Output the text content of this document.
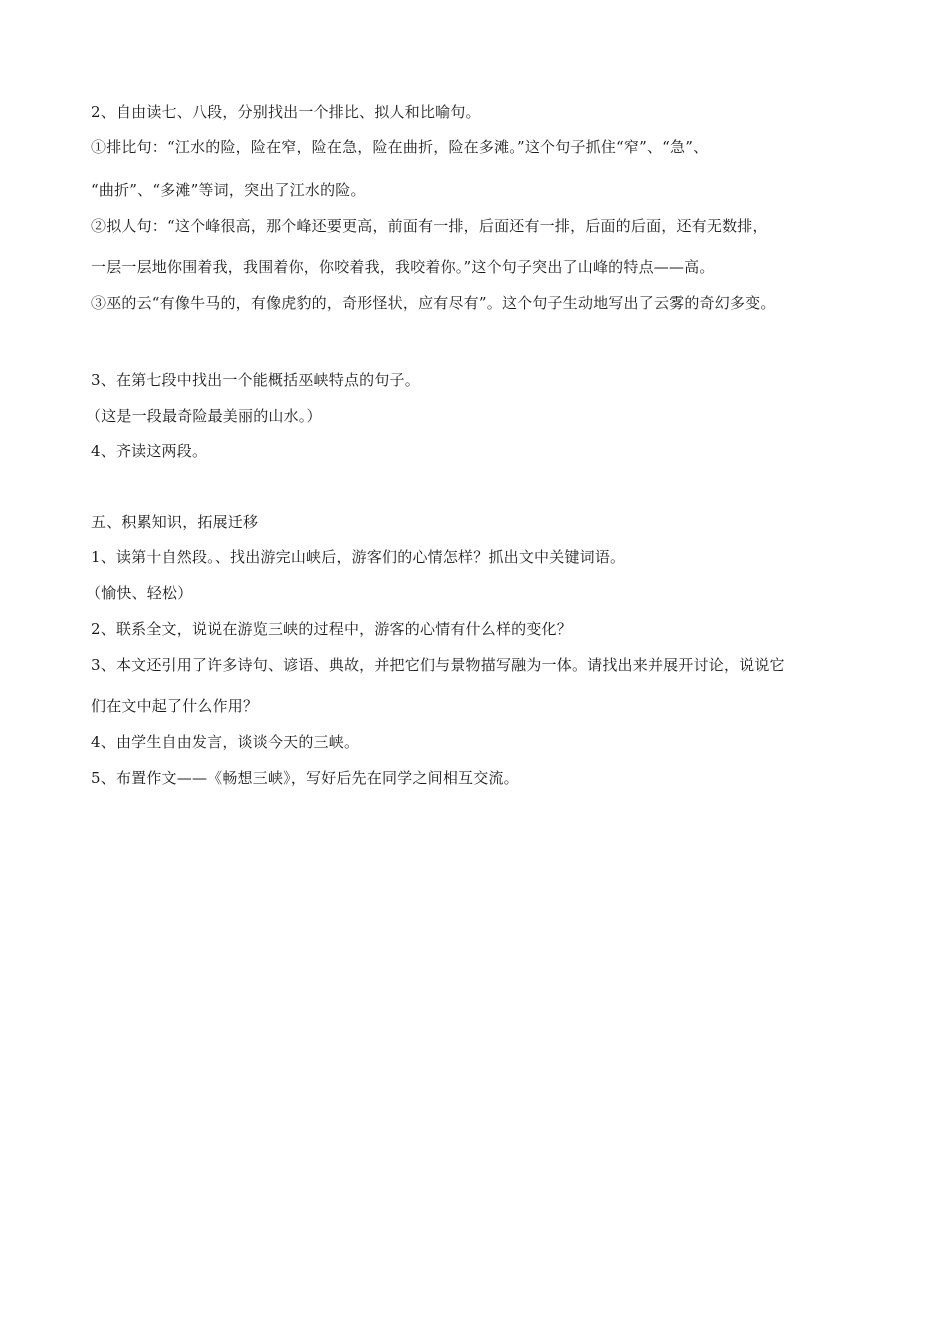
2、自由读七、八段，分别找出一个排比、拟人和比喻句。
①排比句：“江水的险，险在窄，险在急，险在曲折，险在多滩。”这个句子抓住“窄”、“急”、
“曲折”、“多滩”等词，突出了江水的险。
②拟人句：“这个峰很高，那个峰还要更高，前面有一排，后面还有一排，后面的后面，还有无数排，
一层一层地你围着我，我围着你，你咬着我，我咬着你。”这个句子突出了山峰的特点——高。
③巫的云“有像牛马的，有像虎豹的，奇形怪状，应有尽有”。这个句子生动地写出了云雾的奇幻多变。
3、在第七段中找出一个能概括巫峡特点的句子。
（这是一段最奇险最美丽的山水。）
4、齐读这两段。
五、积累知识，拓展迁移
1、读第十自然段。、找出游完山峡后，游客们的心情怎样？抓出文中关键词语。
（愉快、轻松）
2、联系全文，说说在游览三峡的过程中，游客的心情有什么样的变化？
3、本文还引用了许多诗句、谚语、典故，并把它们与景物描写融为一体。请找出来并展开讨论，说说它
们在文中起了什么作用？
4、由学生自由发言，谈谈今天的三峡。
5、布置作文——《畅想三峡》，写好后先在同学之间相互交流。
